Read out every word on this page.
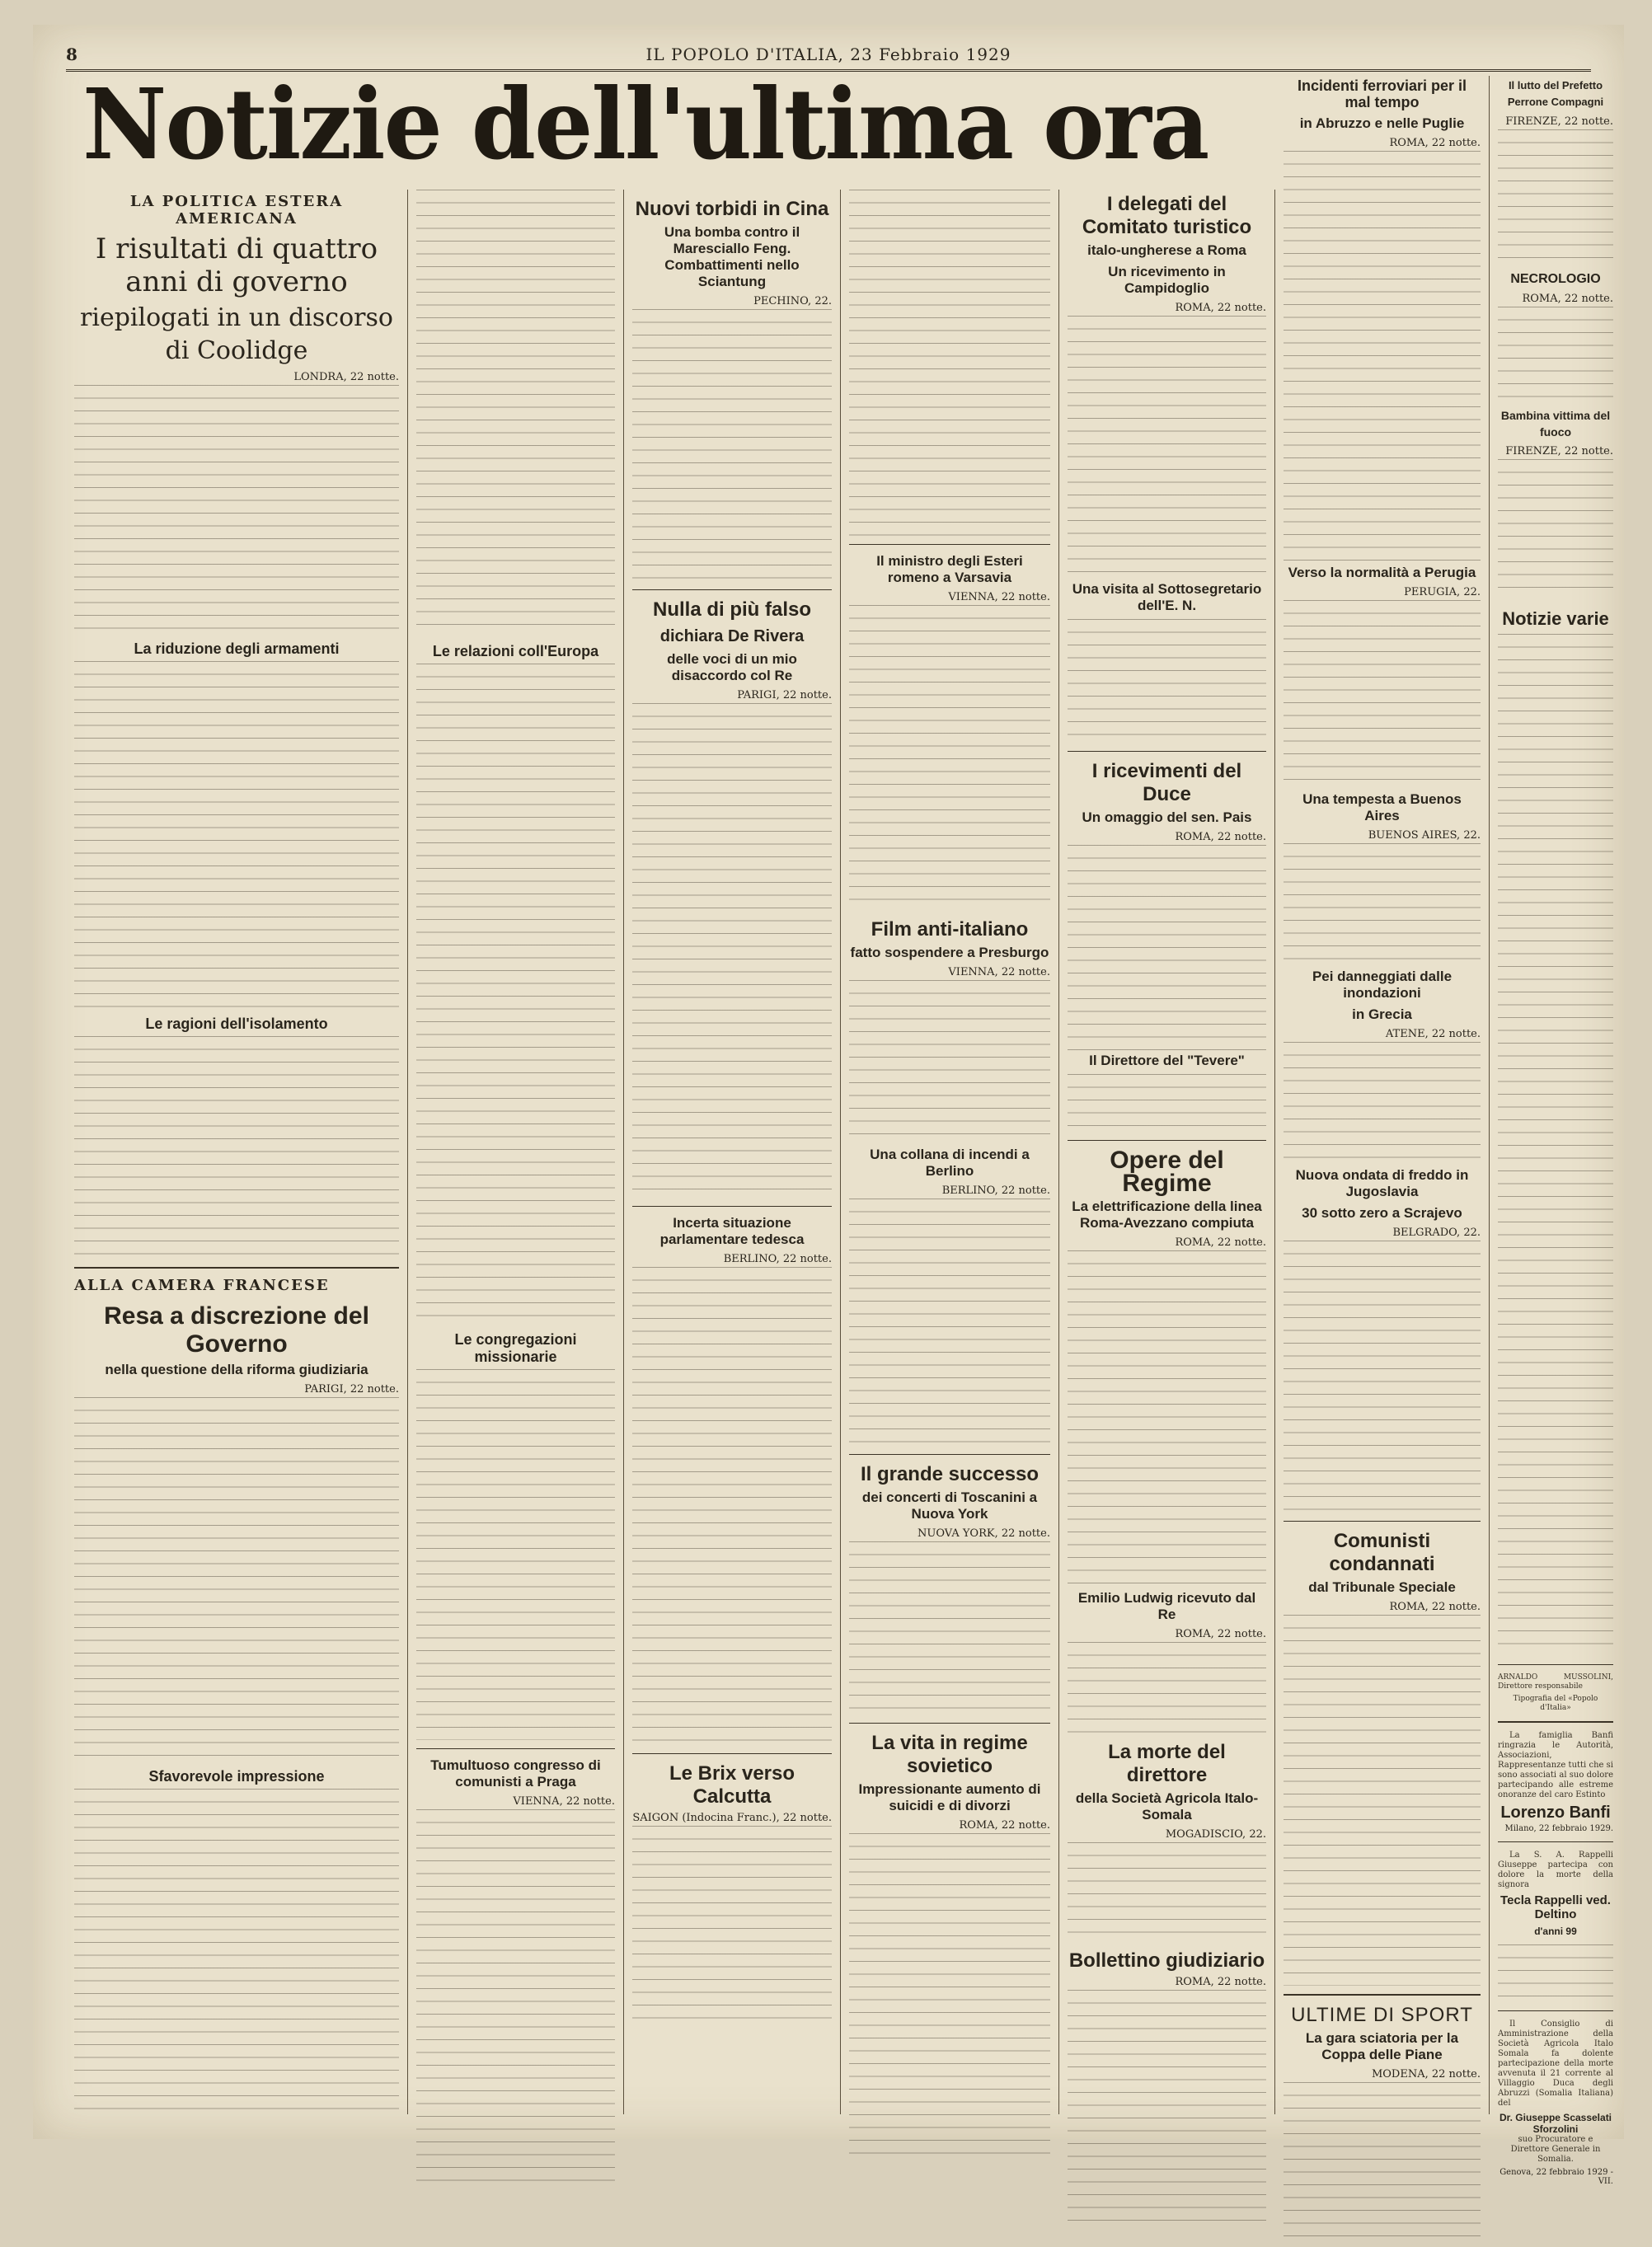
8	IL POPOLO D'ITALIA, 23 Febbraio 1929
Notizie dell'ultima ora
LA POLITICA ESTERA AMERICANA
I risultati di quattro anni di governo
riepilogati in un discorso di Coolidge
LONDRA, 22 notte.
La riduzione degli armamenti
Le ragioni dell'isolamento
ALLA CAMERA FRANCESE
Resa a discrezione del Governo
nella questione della riforma giudiziaria
PARIGI, 22 notte.
Sfavorevole impressione
Le relazioni coll'Europa
Le congregazioni missionarie
Tumultuoso congresso di comunisti a Praga
VIENNA, 22 notte.
Nuovi torbidi in Cina
Una bomba contro il Maresciallo Feng. Combattimenti nello Sciantung
PECHINO, 22.
Nulla di più falso
dichiara De Rivera
delle voci di un mio disaccordo col Re
PARIGI, 22 notte.
Incerta situazione parlamentare tedesca
BERLINO, 22 notte.
Le Brix verso Calcutta
SAIGON (Indocina Franc.), 22 notte.
Il ministro degli Esteri romeno a Varsavia
VIENNA, 22 notte.
Film anti-italiano
fatto sospendere a Presburgo
VIENNA, 22 notte.
Una collana di incendi a Berlino
BERLINO, 22 notte.
Il grande successo
dei concerti di Toscanini a Nuova York
NUOVA YORK, 22 notte.
La vita in regime sovietico
Impressionante aumento di suicidi e di divorzi
ROMA, 22 notte.
I delegati del Comitato turistico
italo-ungherese a Roma
Un ricevimento in Campidoglio
ROMA, 22 notte.
Una visita al Sottosegretario dell'E. N.
I ricevimenti del Duce
Un omaggio del sen. Pais
ROMA, 22 notte.
Il Direttore del "Tevere"
Opere del Regime
La elettrificazione della linea Roma-Avezzano compiuta
ROMA, 22 notte.
Emilio Ludwig ricevuto dal Re
ROMA, 22 notte.
La morte del direttore
della Società Agricola Italo-Somala
MOGADISCIO, 22.
Bollettino giudiziario
ROMA, 22 notte.
Incidenti ferroviari per il mal tempo
in Abruzzo e nelle Puglie
ROMA, 22 notte.
Verso la normalità a Perugia
PERUGIA, 22.
Una tempesta a Buenos Aires
BUENOS AIRES, 22.
Pei danneggiati dalle inondazioni
in Grecia
ATENE, 22 notte.
Nuova ondata di freddo in Jugoslavia
30 sotto zero a Scrajevo
BELGRADO, 22.
Comunisti condannati
dal Tribunale Speciale
ROMA, 22 notte.
ULTIME DI SPORT
La gara sciatoria per la Coppa delle Piane
MODENA, 22 notte.
Il lutto del Prefetto Perrone Compagni
FIRENZE, 22 notte.
NECROLOGIO
ROMA, 22 notte.
Bambina vittima del fuoco
FIRENZE, 22 notte.
Notizie varie
ARNALDO MUSSOLINI, Direttore responsabile
Tipografia del «Popolo d'Italia»
La famiglia Banfi ringrazia le Autorità, Associazioni, Rappresentanze tutti che si sono associati al suo dolore partecipando alle estreme onoranze del caro Estinto
Lorenzo Banfi
Milano, 22 febbraio 1929.
La S. A. Rappelli Giuseppe partecipa con dolore la morte della signora
Tecla Rappelli ved. Deltino
d'anni 99
Il Consiglio di Amministrazione della Società Agricola Italo Somala fa dolente partecipazione della morte avvenuta il 21 corrente al Villaggio Duca degli Abruzzi (Somalia Italiana) del
Dr. Giuseppe Scasselati Sforzolini
suo Procuratore e Direttore Generale in Somalia.
Genova, 22 febbraio 1929 - VII.
